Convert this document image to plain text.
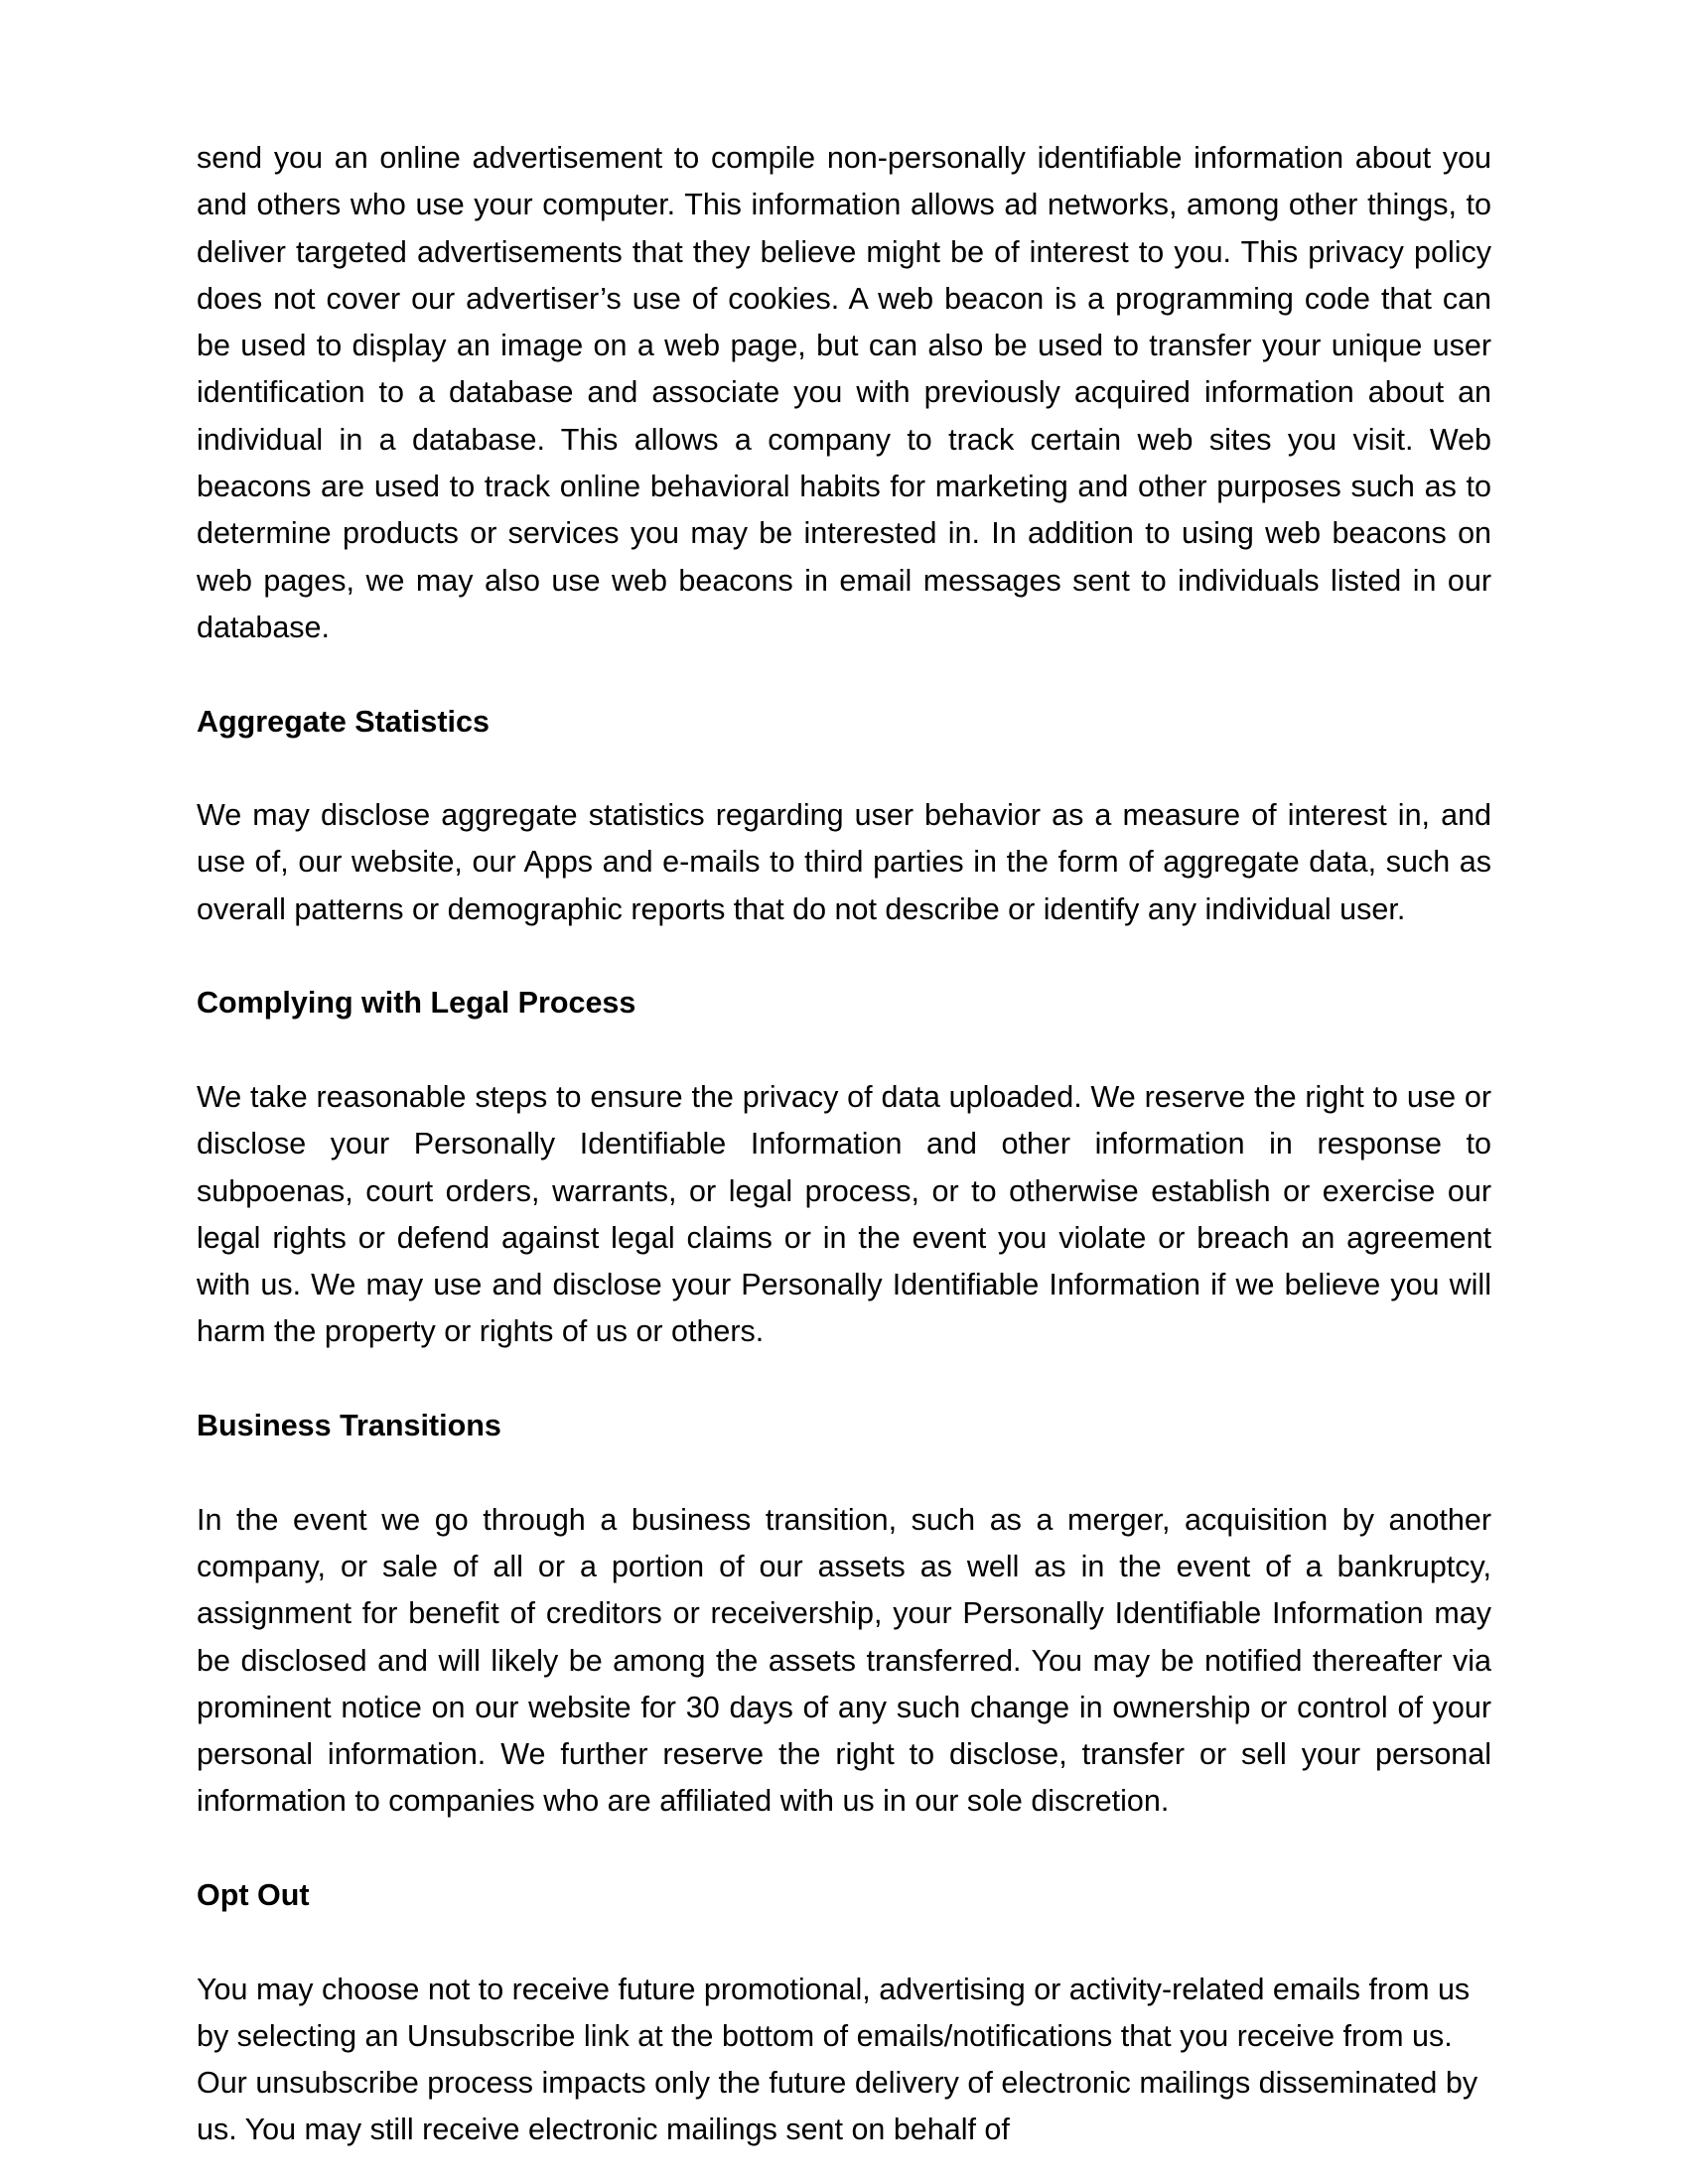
send you an online advertisement to compile non-personally identifiable information about you and others who use your computer. This information allows ad networks, among other things, to deliver targeted advertisements that they believe might be of interest to you. This privacy policy does not cover our advertiser’s use of cookies. A web beacon is a programming code that can be used to display an image on a web page, but can also be used to transfer your unique user identification to a database and associate you with previously acquired information about an individual in a database. This allows a company to track certain web sites you visit. Web beacons are used to track online behavioral habits for marketing and other purposes such as to determine products or services you may be interested in. In addition to using web beacons on web pages, we may also use web beacons in email messages sent to individuals listed in our database.

Aggregate Statistics

We may disclose aggregate statistics regarding user behavior as a measure of interest in, and use of, our website, our Apps and e-mails to third parties in the form of aggregate data, such as overall patterns or demographic reports that do not describe or identify any individual user.

Complying with Legal Process

We take reasonable steps to ensure the privacy of data uploaded. We reserve the right to use or disclose your Personally Identifiable Information and other information in response to subpoenas, court orders, warrants, or legal process, or to otherwise establish or exercise our legal rights or defend against legal claims or in the event you violate or breach an agreement with us. We may use and disclose your Personally Identifiable Information if we believe you will harm the property or rights of us or others.

Business Transitions

In the event we go through a business transition, such as a merger, acquisition by another company, or sale of all or a portion of our assets as well as in the event of a bankruptcy, assignment for benefit of creditors or receivership, your Personally Identifiable Information may be disclosed and will likely be among the assets transferred. You may be notified thereafter via prominent notice on our website for 30 days of any such change in ownership or control of your personal information. We further reserve the right to disclose, transfer or sell your personal information to companies who are affiliated with us in our sole discretion.

Opt Out

You may choose not to receive future promotional, advertising or activity-related emails from us by selecting an Unsubscribe link at the bottom of emails/notifications that you receive from us. Our unsubscribe process impacts only the future delivery of electronic mailings disseminated by us. You may still receive electronic mailings sent on behalf of
